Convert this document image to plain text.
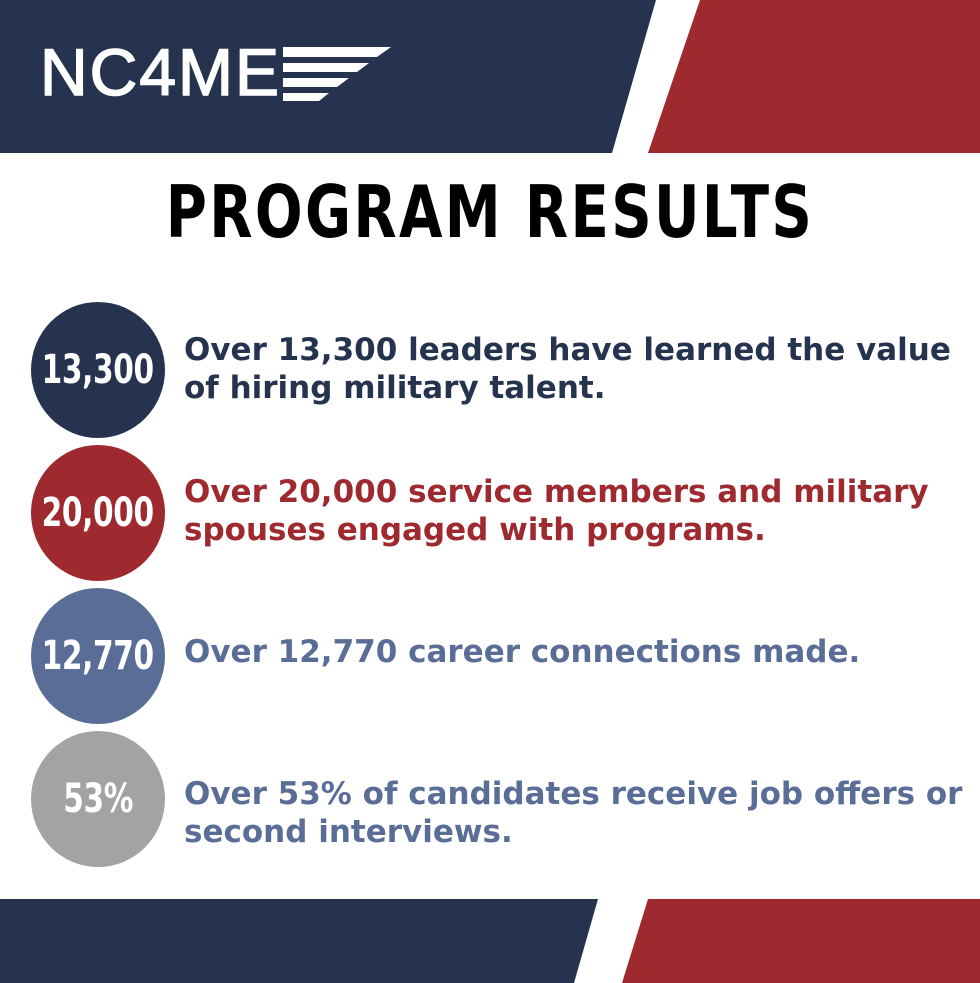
NC4ME
PROGRAM RESULTS
13,300 Over 13,300 leaders have learned the value of hiring military talent.
20,000 Over 20,000 service members and military spouses engaged with programs.
12,770 Over 12,770 career connections made.
53% Over 53% of candidates receive job offers or second interviews.
